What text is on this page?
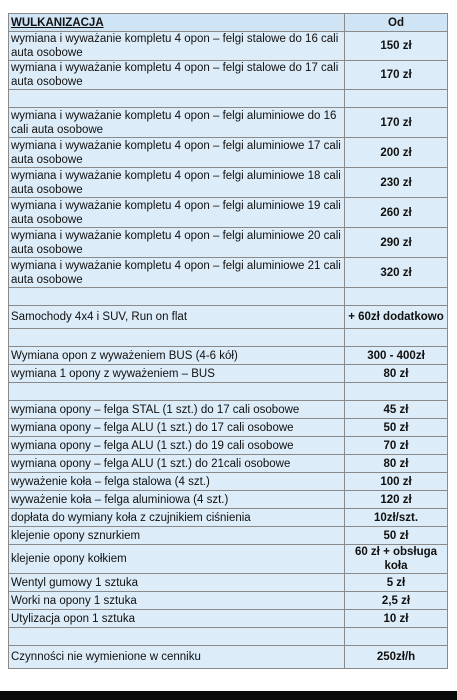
WULKANIZACJA	Od
wymiana i wyważanie kompletu 4 opon – felgi stalowe do 16 cali auta osobowe	150 zł
wymiana i wyważanie kompletu 4 opon – felgi stalowe do 17 cali auta osobowe	170 zł

wymiana i wyważanie kompletu 4 opon – felgi aluminiowe do 16 cali auta osobowe	170 zł
wymiana i wyważanie kompletu 4 opon – felgi aluminiowe 17 cali auta osobowe	200 zł
wymiana i wyważanie kompletu 4 opon – felgi aluminiowe 18 cali auta osobowe	230 zł
wymiana i wyważanie kompletu 4 opon – felgi aluminiowe 19 cali auta osobowe	260 zł
wymiana i wyważanie kompletu 4 opon – felgi aluminiowe 20 cali auta osobowe	290 zł
wymiana i wyważanie kompletu 4 opon – felgi aluminiowe 21 cali auta osobowe	320 zł

Samochody 4x4 i SUV, Run on flat	+ 60zł dodatkowo

Wymiana opon z wyważeniem BUS (4-6 kół)	300 - 400zł
wymiana 1 opony z wyważeniem – BUS	80 zł

wymiana opony – felga STAL (1 szt.) do 17 cali osobowe	45 zł
wymiana opony – felga ALU (1 szt.) do 17 cali osobowe	50 zł
wymiana opony – felga ALU (1 szt.) do 19 cali osobowe	70 zł
wymiana opony – felga ALU (1 szt.) do 21cali osobowe	80 zł
wyważenie koła – felga stalowa (4 szt.)	100 zł
wyważenie koła – felga aluminiowa (4 szt.)	120 zł
dopłata do wymiany koła z czujnikiem ciśnienia	10zł/szt.
klejenie opony sznurkiem	50 zł
klejenie opony kołkiem	60 zł + obsługa koła
Wentyl gumowy 1 sztuka	5 zł
Worki na opony 1 sztuka	2,5 zł
Utylizacja opon 1 sztuka	10 zł

Czynności nie wymienione w cenniku	250zł/h
